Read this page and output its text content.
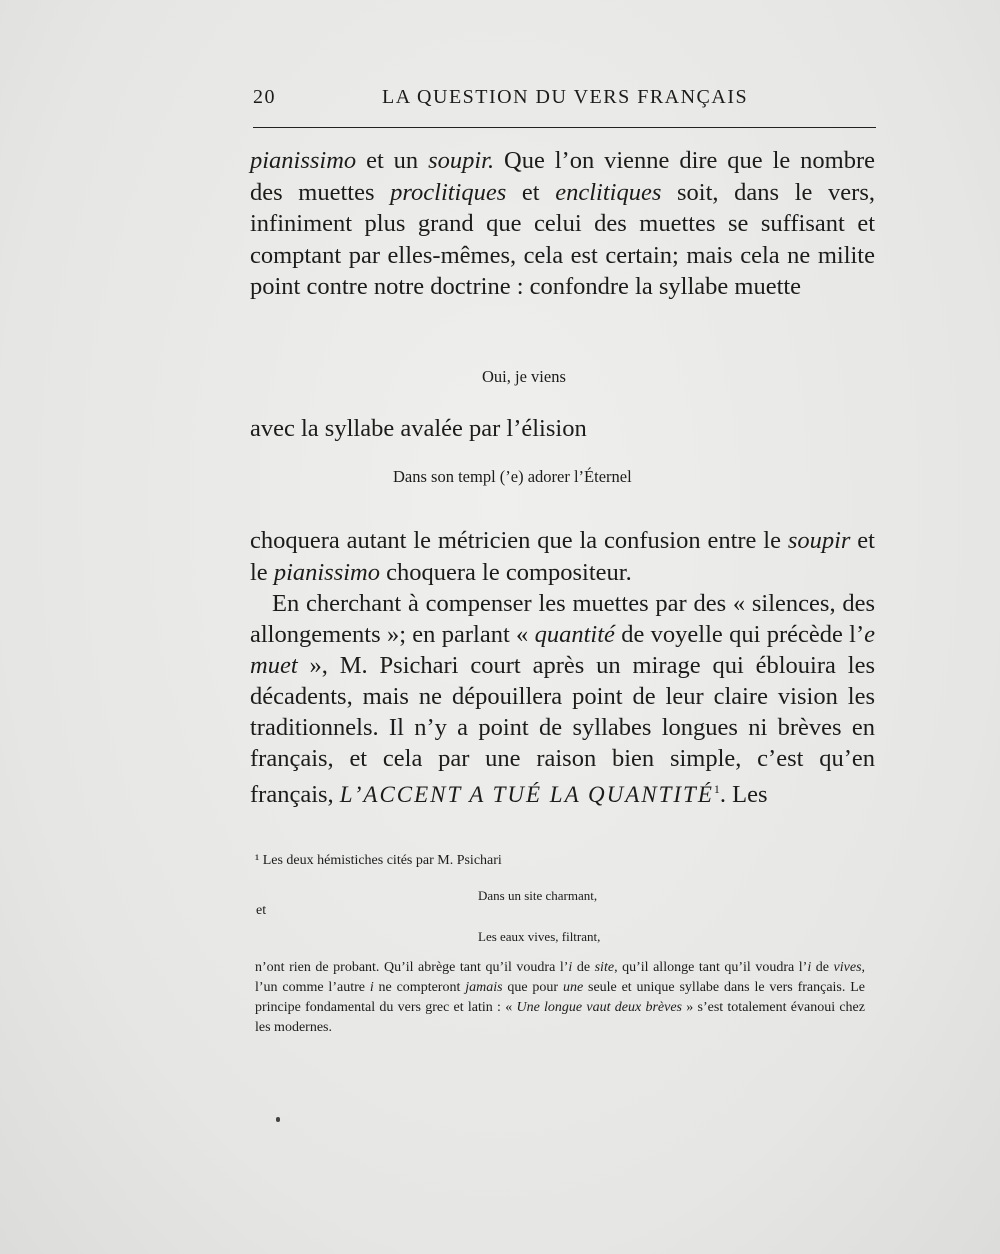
20	LA QUESTION DU VERS FRANÇAIS
pianissimo et un soupir. Que l’on vienne dire que le nombre des muettes proclitiques et enclitiques soit, dans le vers, infiniment plus grand que celui des muettes se suffisant et comptant par elles-mêmes, cela est certain; mais cela ne milite point contre notre doctrine : confondre la syllabe muette
Oui, je viens
avec la syllabe avalée par l’élision
Dans son templ (’e) adorer l’Éternel
choquera autant le métricien que la confusion entre le soupir et le pianissimo choquera le compositeur.
En cherchant à compenser les muettes par des « silences, des allongements »; en parlant « quantité de voyelle qui précède l’e muet », M. Psichari court après un mirage qui éblouira les décadents, mais ne dépouillera point de leur claire vision les traditionnels. Il n’y a point de syllabes longues ni brèves en français, et cela par une raison bien simple, c’est qu’en français, L’ACCENT A TUÉ LA QUANTITÉ$^1$. Les
¹ Les deux hémistiches cités par M. Psichari
Dans un site charmant,
et
Les eaux vives, filtrant,
n’ont rien de probant. Qu’il abrège tant qu’il voudra l’i de site, qu’il allonge tant qu’il voudra l’i de vives, l’un comme l’autre i ne compteront jamais que pour une seule et unique syllabe dans le vers français. Le principe fondamental du vers grec et latin : « Une longue vaut deux brèves » s’est totalement évanoui chez les modernes.
